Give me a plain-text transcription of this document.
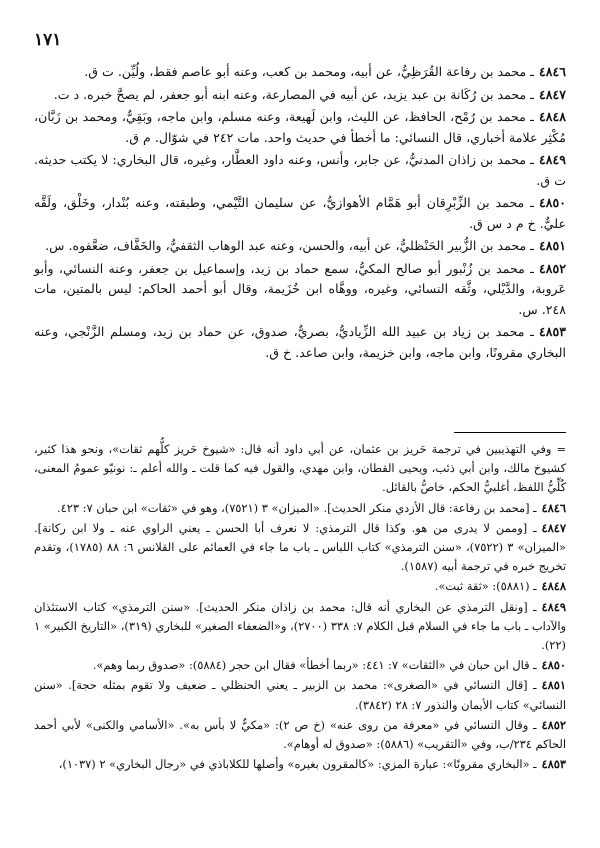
١٧١

٤٨٤٦ـ محمد بن رفاعة القُرَظِيُّ، عن أبيه، ومحمد بن كعب، وعنه أبو عاصم فقط، ولُيِّن. ت ق.

٤٨٤٧ـ محمد بن رُكَانة بن عبد يزيد، عن أبيه في المصارعة، وعنه ابنه أبو جعفر، لم يصحَّ خبره. د ت.

٤٨٤٨ـ محمد بن رُمْح، الحافظ، عن الليث، وابن لَهيعة، وعنه مسلم، وابن ماجه، وبَقِيٌّ، ومحمد بن زَبَّان، مُكْثِر علامة أخباري، قال النسائي: ما أخطأ في حديث واحد. مات ٢٤٢ في شوّال. م ق.

٤٨٤٩ـ محمد بن زاذان المدنيُّ، عن جابر، وأنس، وعنه داود العطَّار، وغيره، قال البخاري: لا يكتب حديثه. ت ق.

٤٨٥٠ـ محمد بن الزِّبْرِقان أبو هَمَّام الأهوازيُّ، عن سليمان التَّيْمي، وطبقته، وعنه بُنْدار، وخَلْق، ولَقَّه عليٌّ. خ م د س ق.

٤٨٥١ـ محمد بن الزُّبير الحَنْظليُّ، عن أبيه، والحسن، وعنه عبد الوهاب الثقفيُّ، والخَفَّاف، ضعَّفوه. س.

٤٨٥٢ـ محمد بن زُنْبور أبو صالح المكيُّ، سمع حماد بن زيد، وإسماعيل بن جعفر، وعنه النسائي، وأبو عَروبة، والدَّيْلي، وثَّقه النسائي، وغيره، ووهَّاه ابن خُزَيمة، وقال أبو أحمد الحاكم: ليس بالمتين، مات ٢٤٨. س.

٤٨٥٣ـ محمد بن زياد بن عبيد الله الزِّياديُّ، بصريٌّ، صدوق، عن حماد بن زيد، ومسلم الزَّنْجي، وعنه البخاري مقرونًا، وابن ماجه، وابن خزيمة، وابن صاعد. خ ق.

= وفي التهذيبين في ترجمة حَريز بن عثمان، عن أبي داود أنه قال: «شيوخ حَريز كلُّهم ثقات»، ونحو هذا كثير، كشيوخ مالك، وابن أبي ذئب، ويحيى القطان، وابن مهدي، والقول فيه كما قلت ـ والله أعلم ـ: نونيّو عمومُ المعنى، كُلِّيُّ اللفظ، أغلبيُّ الحكم، خاصُّ بالقائل.

٤٨٤٦ـ [محمد بن رفاعة: قال الأزدي منكر الحديث]. «الميزان» ٣ (٧٥٢١)، وهو في «ثقات» ابن حبان ٧: ٤٢٣.

٤٨٤٧ـ [وممن لا يدرى من هو. وكذا قال الترمذي: لا نعرف أبا الحسن ـ يعني الراوي عنه ـ ولا ابن ركانة]. «الميزان» ٣ (٧٥٢٢)، «سنن الترمذي» كتاب اللباس ـ باب ما جاء في العمائم على القلانس ٦: ٨٨ (١٧٨٥)، وتقدم تخريج خبره في ترجمة أبيه (١٥٨٧).

٤٨٤٨ـ (٥٨٨١): «ثقة ثبت».

٤٨٤٩ـ [ونقل الترمذي عن البخاري أنه قال: محمد بن زاذان منكر الحديث]. «سنن الترمذي» كتاب الاستئذان والآداب ـ باب ما جاء في السلام قبل الكلام ٧: ٣٣٨ (٢٧٠٠)، و«الضعفاء الصغير» للبخاري (٣١٩)، «التاريخ الكبير» ١ (٢٢).

٤٨٥٠ـ قال ابن حبان في «الثقات» ٧: ٤٤١: «ربما أخطأ» فقال ابن حجر (٥٨٨٤): «صدوق ربما وهم».

٤٨٥١ـ [قال النسائي في «الصغرى»: محمد بن الزبير ـ يعني الحنظلي ـ ضعيف ولا تقوم بمثله حجة]. «سنن النسائي» كتاب الأيمان والنذور ٧: ٢٨ (٣٨٤٢).

٤٨٥٢ـ وقال النسائي في «معرفة من روى عنه» (خ ص ٢): «مكيٌّ لا بأس به». «الأسامي والكنى» لأبي أحمد الحاكم ٢٣٤/ب، وفي «التقريب» (٥٨٨٦): «صدوق له أوهام».

٤٨٥٣ـ «البخاري مقرونًا»: عبارة المزي: «كالمقرون بغيره» وأصلها للكلاباذي في «رجال البخاري» ٢ (١٠٣٧)،
